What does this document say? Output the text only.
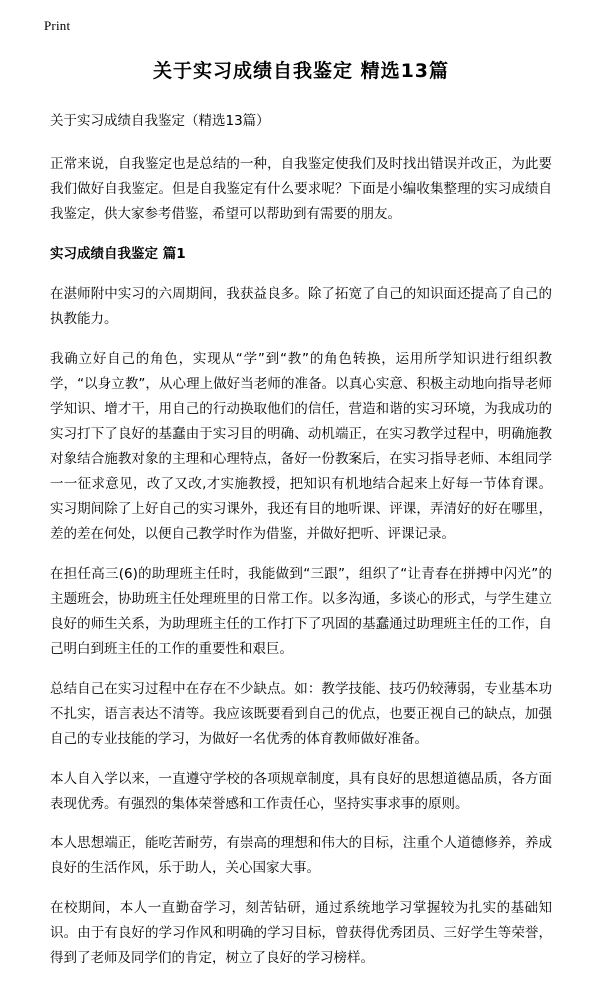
Print
关于实习成绩自我鉴定 精选13篇
关于实习成绩自我鉴定（精选13篇）

正常来说，自我鉴定也是总结的一种，自我鉴定使我们及时找出错误并改正，为此要我们做好自我鉴定。但是自我鉴定有什么要求呢？下面是小编收集整理的实习成绩自我鉴定，供大家参考借鉴，希望可以帮助到有需要的朋友。

实习成绩自我鉴定 篇1

在湛师附中实习的六周期间，我获益良多。除了拓宽了自己的知识面还提高了自己的执教能力。

我确立好自己的角色，实现从“学”到“教”的角色转换，运用所学知识进行组织教学，“以身立教”，从心理上做好当老师的准备。以真心实意、积极主动地向指导老师学知识、增才干，用自己的行动换取他们的信任，营造和谐的实习环境，为我成功的实习打下了良好的基蠢由于实习目的明确、动机端正，在实习教学过程中，明确施教对象结合施教对象的主理和心理特点，备好一份教案后，在实习指导老师、本组同学一一征求意见，改了又改,才实施教授，把知识有机地结合起来上好每一节体育课。实习期间除了上好自己的实习课外，我还有目的地听课、评课，弄清好的好在哪里，差的差在何处，以便自己教学时作为借鉴，并做好把听、评课记录。

在担任高三(6)的助理班主任时，我能做到“三跟”，组织了“让青春在拼搏中闪光”的主题班会，协助班主任处理班里的日常工作。以多沟通，多谈心的形式，与学生建立良好的师生关系，为助理班主任的工作打下了巩固的基蠢通过助理班主任的工作，自己明白到班主任的工作的重要性和艰巨。

总结自己在实习过程中在存在不少缺点。如：教学技能、技巧仍较薄弱，专业基本功不扎实，语言表达不清等。我应该既要看到自己的优点，也要正视自己的缺点，加强自己的专业技能的学习，为做好一名优秀的体育教师做好准备。

本人自入学以来，一直遵守学校的各项规章制度，具有良好的思想道德品质，各方面表现优秀。有强烈的集体荣誉感和工作责任心，坚持实事求事的原则。

本人思想端正，能吃苦耐劳，有崇高的理想和伟大的目标，注重个人道德修养，养成良好的生活作风，乐于助人，关心国家大事。

在校期间，本人一直勤奋学习，刻苦钻研，通过系统地学习掌握较为扎实的基础知识。由于有良好的学习作风和明确的学习目标，曾获得优秀团员、三好学生等荣誉，得到了老师及同学们的肯定，树立了良好的学习榜样。
